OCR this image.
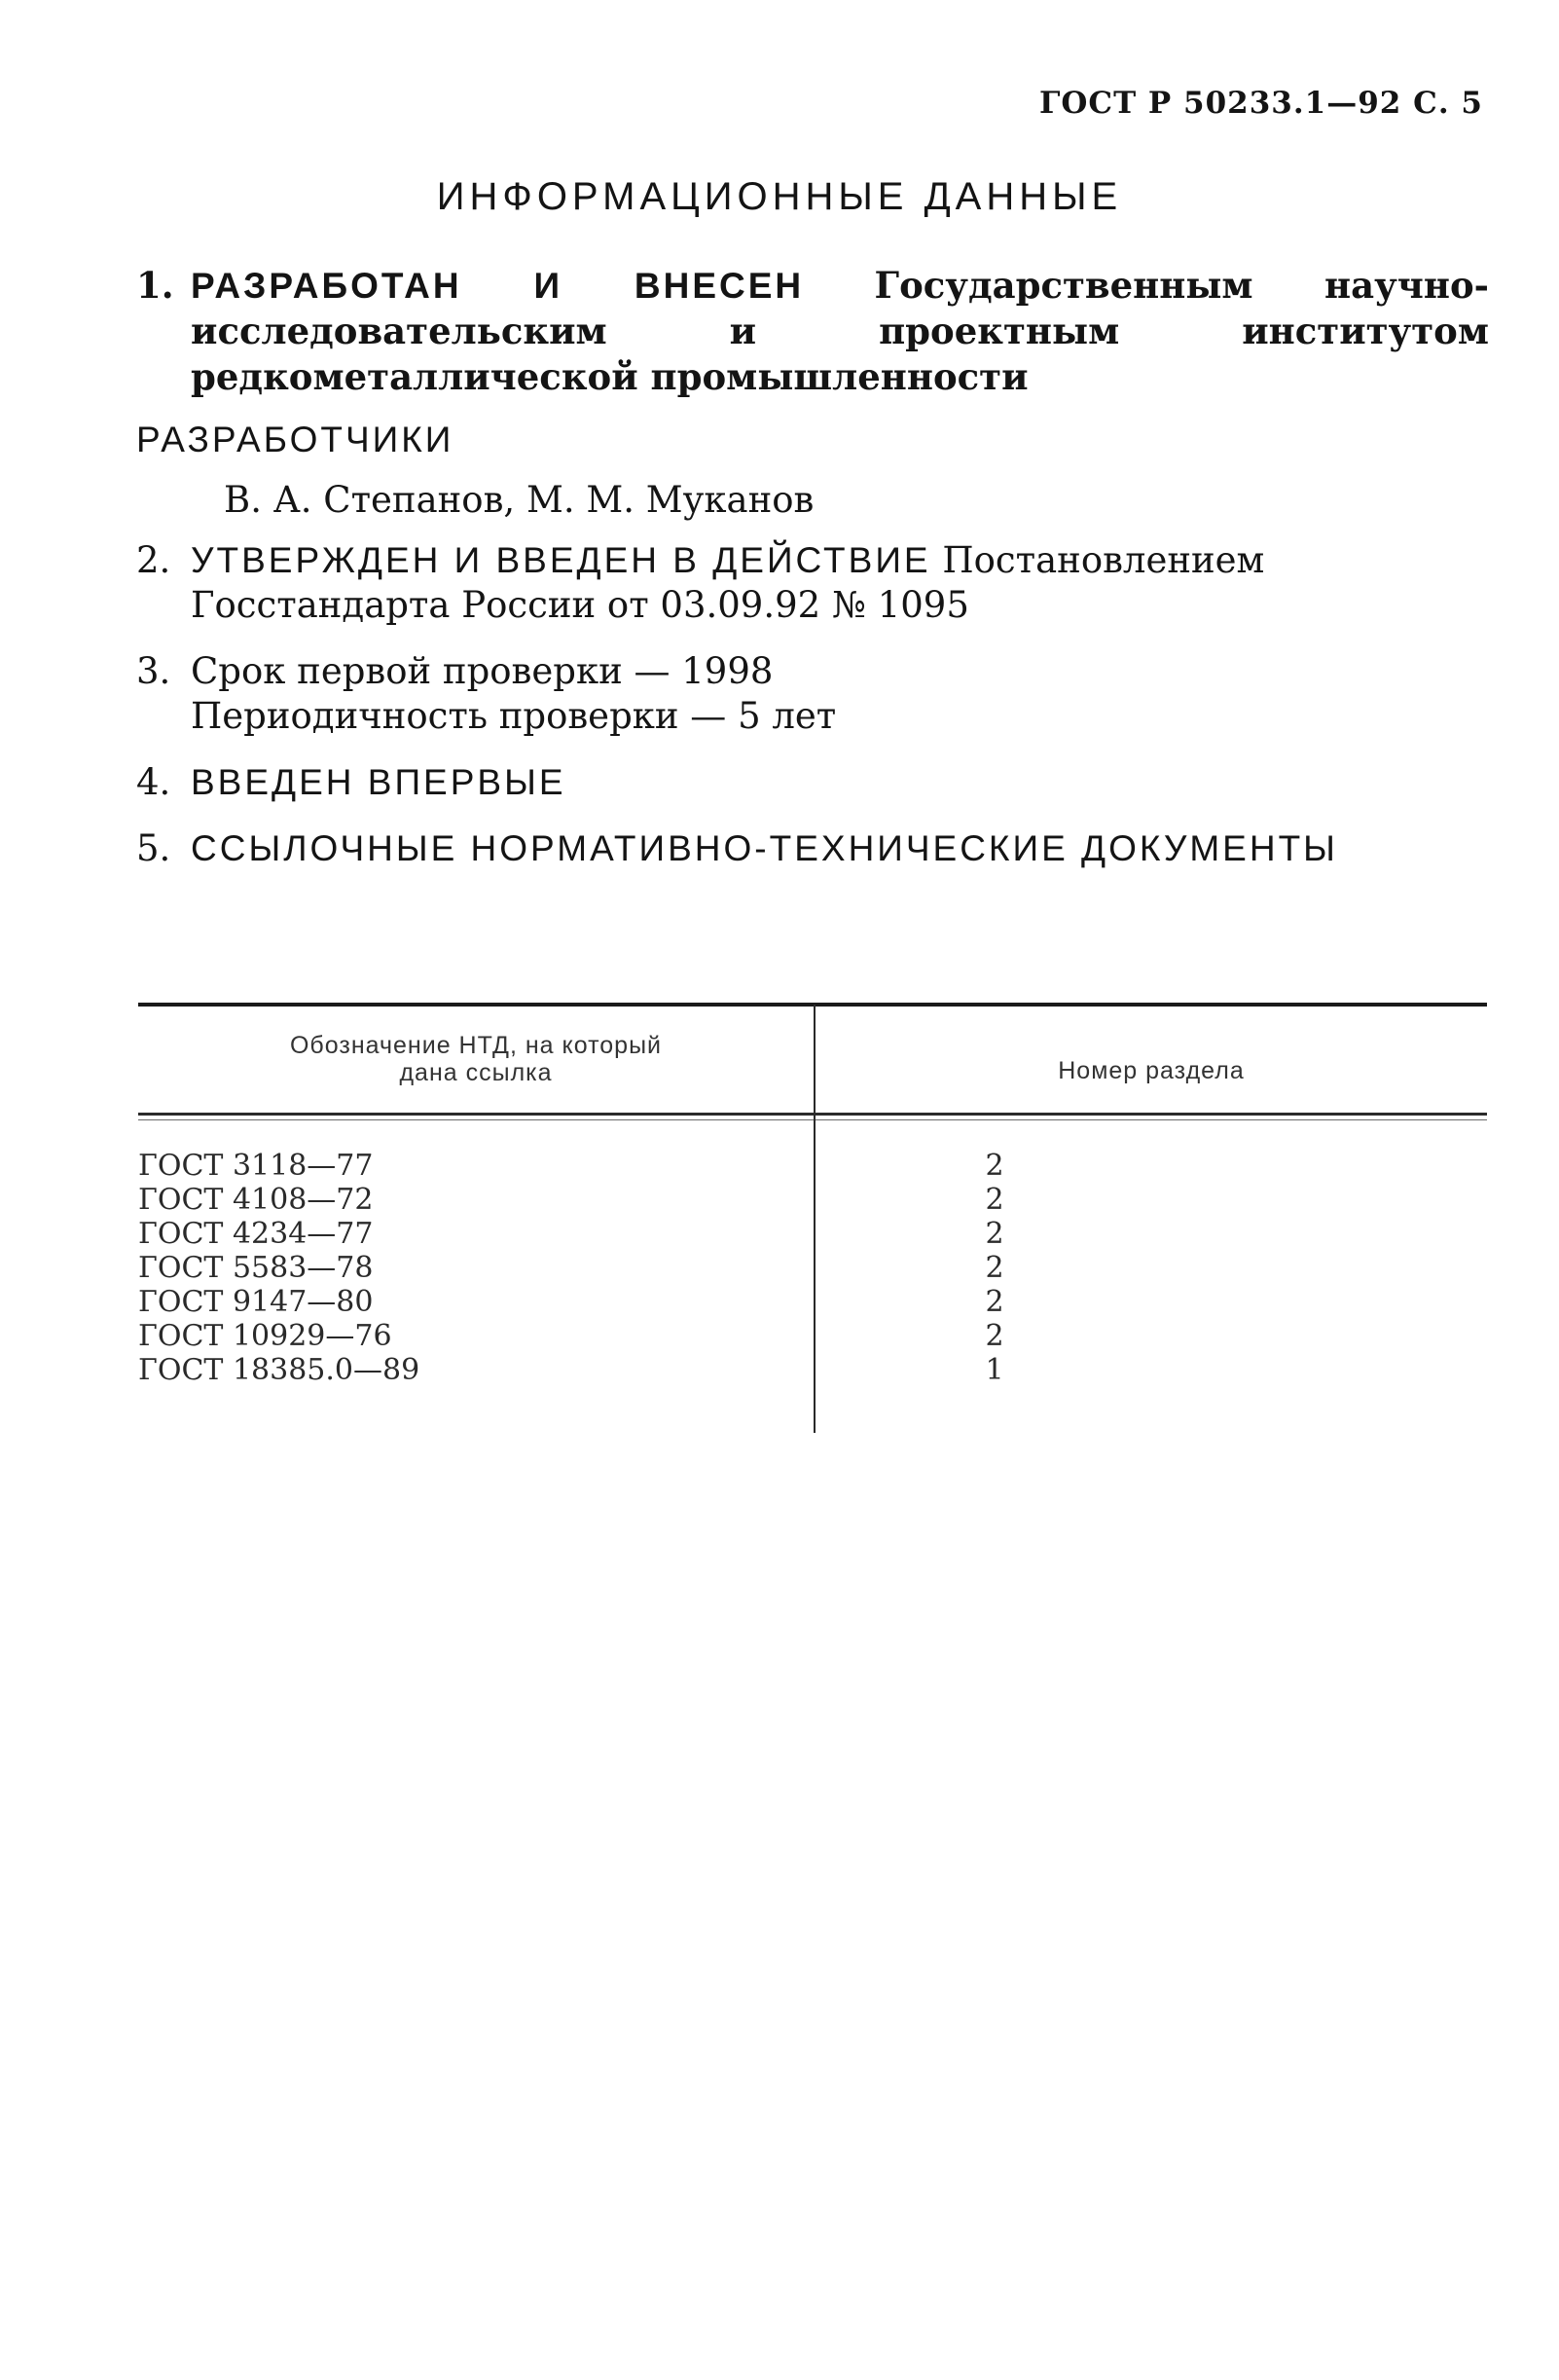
ГОСТ Р 50233.1—92 С. 5
ИНФОРМАЦИОННЫЕ ДАННЫЕ
1. РАЗРАБОТАН И ВНЕСЕН Государственным научно-исследовательским и проектным институтом редкометаллической промышленности
РАЗРАБОТЧИКИ
В. А. Степанов, М. М. Муканов
2. УТВЕРЖДЕН И ВВЕДЕН В ДЕЙСТВИЕ Постановлением Госстандарта России от 03.09.92 № 1095
3. Срок первой проверки — 1998
Периодичность проверки — 5 лет
4. ВВЕДЕН ВПЕРВЫЕ
5. ССЫЛОЧНЫЕ НОРМАТИВНО-ТЕХНИЧЕСКИЕ ДОКУМЕНТЫ
Обозначение НТД, на который
дана ссылка	Номер раздела
ГОСТ 3118—77	2
ГОСТ 4108—72	2
ГОСТ 4234—77	2
ГОСТ 5583—78	2
ГОСТ 9147—80	2
ГОСТ 10929—76	2
ГОСТ 18385.0—89	1
